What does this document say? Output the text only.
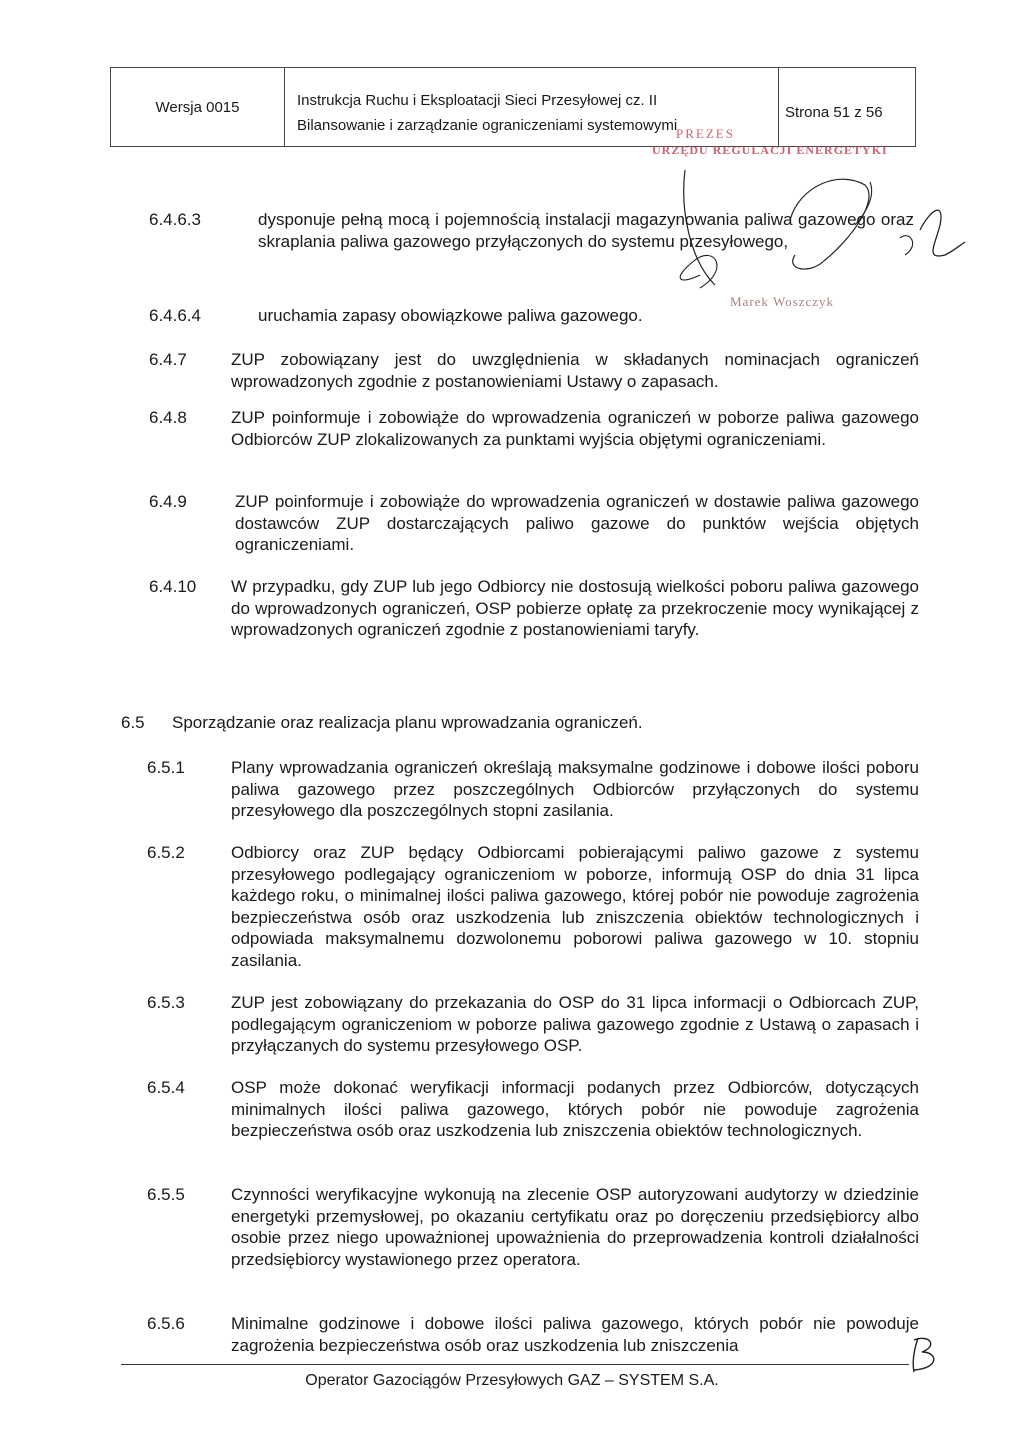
Wersja 0015	Instrukcja Ruchu i Eksploatacji Sieci Przesyłowej cz. II
Bilansowanie i zarządzanie ograniczeniami systemowymi
Strona 51 z 56
PREZES
URZĘDU REGULACJI ENERGETYKI
Marek Woszczyk
6.4.6.3	dysponuje pełną mocą i pojemnością instalacji magazynowania paliwa gazowego oraz skraplania paliwa gazowego przyłączonych do systemu przesyłowego,
6.4.6.4	uruchamia zapasy obowiązkowe paliwa gazowego.
6.4.7	ZUP zobowiązany jest do uwzględnienia w składanych nominacjach ograniczeń wprowadzonych zgodnie z postanowieniami Ustawy o zapasach.
6.4.8	ZUP poinformuje i zobowiąże do wprowadzenia ograniczeń w poborze paliwa gazowego Odbiorców ZUP zlokalizowanych za punktami wyjścia objętymi ograniczeniami.
6.4.9	ZUP poinformuje i zobowiąże do wprowadzenia ograniczeń w dostawie paliwa gazowego dostawców ZUP dostarczających paliwo gazowe do punktów wejścia objętych ograniczeniami.
6.4.10 W przypadku, gdy ZUP lub jego Odbiorcy nie dostosują wielkości poboru paliwa gazowego do wprowadzonych ograniczeń, OSP pobierze opłatę za przekroczenie mocy wynikającej z wprowadzonych ograniczeń zgodnie z postanowieniami taryfy.
6.5 Sporządzanie oraz realizacja planu wprowadzania ograniczeń.
6.5.1	Plany wprowadzania ograniczeń określają maksymalne godzinowe i dobowe ilości poboru paliwa gazowego przez poszczególnych Odbiorców przyłączonych do systemu przesyłowego dla poszczególnych stopni zasilania.
6.5.2	Odbiorcy oraz ZUP będący Odbiorcami pobierającymi paliwo gazowe z systemu przesyłowego podlegający ograniczeniom w poborze, informują OSP do dnia 31 lipca każdego roku, o minimalnej ilości paliwa gazowego, której pobór nie powoduje zagrożenia bezpieczeństwa osób oraz uszkodzenia lub zniszczenia obiektów technologicznych i odpowiada maksymalnemu dozwolonemu poborowi paliwa gazowego w 10. stopniu zasilania.
6.5.3	ZUP jest zobowiązany do przekazania do OSP do 31 lipca informacji o Odbiorcach ZUP, podlegającym ograniczeniom w poborze paliwa gazowego zgodnie z Ustawą o zapasach i przyłączanych do systemu przesyłowego OSP.
6.5.4	OSP może dokonać weryfikacji informacji podanych przez Odbiorców, dotyczących minimalnych ilości paliwa gazowego, których pobór nie powoduje zagrożenia bezpieczeństwa osób oraz uszkodzenia lub zniszczenia obiektów technologicznych.
6.5.5	Czynności weryfikacyjne wykonują na zlecenie OSP autoryzowani audytorzy w dziedzinie energetyki przemysłowej, po okazaniu certyfikatu oraz po doręczeniu przedsiębiorcy albo osobie przez niego upoważnionej upoważnienia do przeprowadzenia kontroli działalności przedsiębiorcy wystawionego przez operatora.
6.5.6	Minimalne godzinowe i dobowe ilości paliwa gazowego, których pobór nie powoduje zagrożenia bezpieczeństwa osób oraz uszkodzenia lub zniszczenia
Operator Gazociągów Przesyłowych GAZ – SYSTEM S.A.
